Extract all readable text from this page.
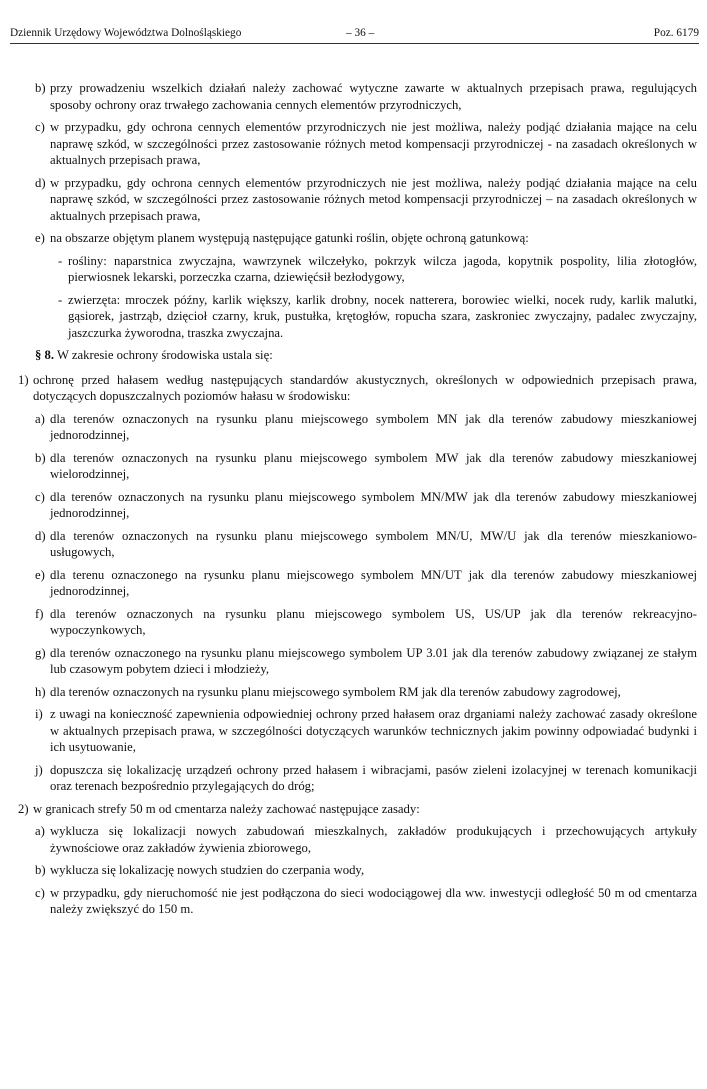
Dziennik Urzędowy Województwa Dolnośląskiego	– 36 –	Poz. 6179
b) przy prowadzeniu wszelkich działań należy zachować wytyczne zawarte w aktualnych przepisach prawa, regulujących sposoby ochrony oraz trwałego zachowania cennych elementów przyrodniczych,
c) w przypadku, gdy ochrona cennych elementów przyrodniczych nie jest możliwa, należy podjąć działania mające na celu naprawę szkód, w szczególności przez zastosowanie różnych metod kompensacji przyrodniczej - na zasadach określonych w aktualnych przepisach prawa,
d) w przypadku, gdy ochrona cennych elementów przyrodniczych nie jest możliwa, należy podjąć działania mające na celu naprawę szkód, w szczególności przez zastosowanie różnych metod kompensacji przyrodniczej – na zasadach określonych w aktualnych przepisach prawa,
e) na obszarze objętym planem występują następujące gatunki roślin, objęte ochroną gatunkową:
- rośliny: naparstnica zwyczajna, wawrzynek wilczełyko, pokrzyk wilcza jagoda, kopytnik pospolity, lilia złotogłów, pierwiosnek lekarski, porzeczka czarna, dziewięćsił bezłodygowy,
- zwierzęta: mroczek późny, karlik większy, karlik drobny, nocek natterera, borowiec wielki, nocek rudy, karlik malutki, gąsiorek, jastrząb, dzięcioł czarny, kruk, pustułka, krętogłów, ropucha szara, zaskroniec zwyczajny, padalec zwyczajny, jaszczurka żyworodna, traszka zwyczajna.
§ 8. W zakresie ochrony środowiska ustala się:
1) ochronę przed hałasem według następujących standardów akustycznych, określonych w odpowiednich przepisach prawa, dotyczących dopuszczalnych poziomów hałasu w środowisku:
a) dla terenów oznaczonych na rysunku planu miejscowego symbolem MN jak dla terenów zabudowy mieszkaniowej jednorodzinnej,
b) dla terenów oznaczonych na rysunku planu miejscowego symbolem MW jak dla terenów zabudowy mieszkaniowej wielorodzinnej,
c) dla terenów oznaczonych na rysunku planu miejscowego symbolem MN/MW jak dla terenów zabudowy mieszkaniowej jednorodzinnej,
d) dla terenów oznaczonych na rysunku planu miejscowego symbolem MN/U, MW/U jak dla terenów mieszkaniowo-usługowych,
e) dla terenu oznaczonego na rysunku planu miejscowego symbolem MN/UT jak dla terenów zabudowy mieszkaniowej jednorodzinnej,
f) dla terenów oznaczonych na rysunku planu miejscowego symbolem US, US/UP jak dla terenów rekreacyjno-wypoczynkowych,
g) dla terenów oznaczonego na rysunku planu miejscowego symbolem UP 3.01 jak dla terenów zabudowy związanej ze stałym lub czasowym pobytem dzieci i młodzieży,
h) dla terenów oznaczonych na rysunku planu miejscowego symbolem RM jak dla terenów zabudowy zagrodowej,
i) z uwagi na konieczność zapewnienia odpowiedniej ochrony przed hałasem oraz drganiami należy zachować zasady określone w aktualnych przepisach prawa, w szczególności dotyczących warunków technicznych jakim powinny odpowiadać budynki i ich usytuowanie,
j) dopuszcza się lokalizację urządzeń ochrony przed hałasem i wibracjami, pasów zieleni izolacyjnej w terenach komunikacji oraz terenach bezpośrednio przylegających do dróg;
2) w granicach strefy 50 m od cmentarza należy zachować następujące zasady:
a) wyklucza się lokalizacji nowych zabudowań mieszkalnych, zakładów produkujących i przechowujących artykuły żywnościowe oraz zakładów żywienia zbiorowego,
b) wyklucza się lokalizację nowych studzien do czerpania wody,
c) w przypadku, gdy nieruchomość nie jest podłączona do sieci wodociągowej dla ww. inwestycji odległość 50 m od cmentarza należy zwiększyć do 150 m.
